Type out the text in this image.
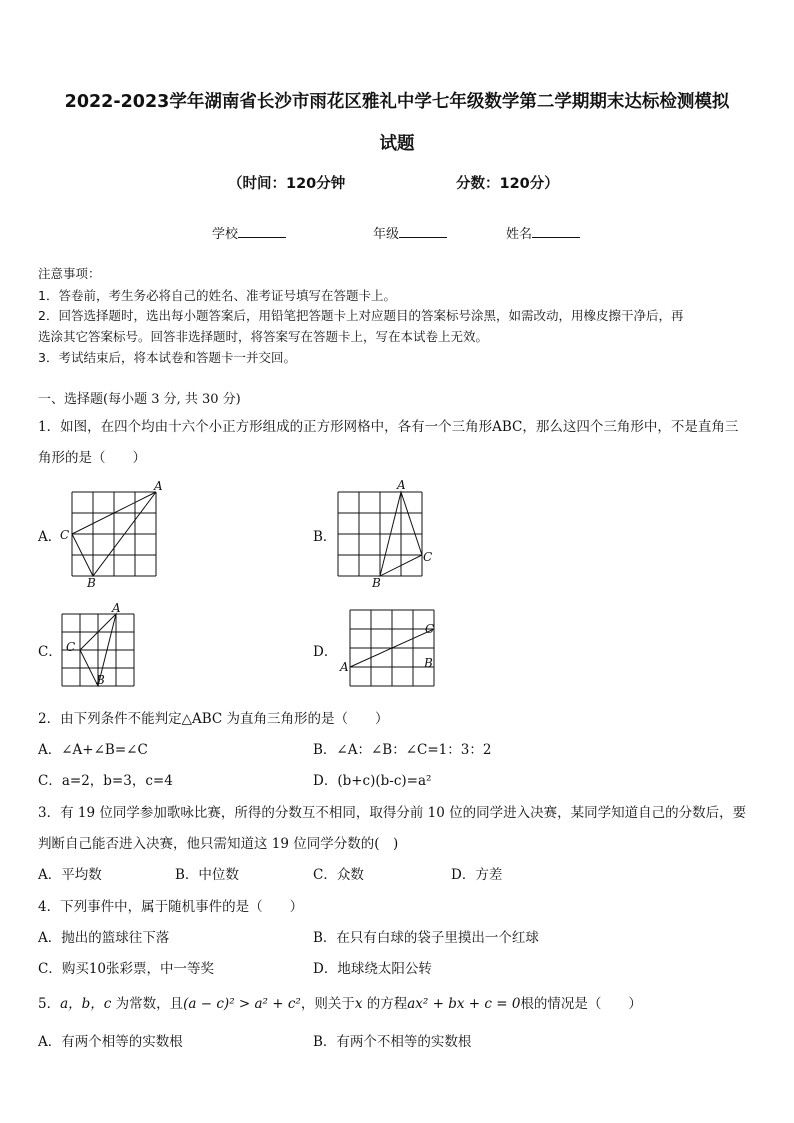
2022-2023学年湖南省长沙市雨花区雅礼中学七年级数学第二学期期末达标检测模拟
试题
（时间：120分钟	分数：120分）
学校	年级	姓名
注意事项：
1．答卷前，考生务必将自己的姓名、准考证号填写在答题卡上。
2．回答选择题时，选出每小题答案后，用铅笔把答题卡上对应题目的答案标号涂黑，如需改动，用橡皮擦干净后，再
选涂其它答案标号。回答非选择题时，将答案写在答题卡上，写在本试卷上无效。
3．考试结束后，将本试卷和答题卡一并交回。
一、选择题(每小题 3 分, 共 30 分)
1．如图，在四个均由十六个小正方形组成的正方形网格中，各有一个三角形ABC，那么这四个三角形中，不是直角三
角形的是（　　）
A．	B．
C．	D．
A
B
C
A
B
C
A
B
C
A	B
C
2．由下列条件不能判定△ABC 为直角三角形的是（　　）
A．∠A+∠B=∠C	B．∠A：∠B：∠C=1：3：2
C．a=2，b=3，c=4	D．(b+c)(b-c)=a²
3．有 19 位同学参加歌咏比赛，所得的分数互不相同，取得分前 10 位的同学进入决赛，某同学知道自己的分数后，要
判断自己能否进入决赛，他只需知道这 19 位同学分数的(　)
A．平均数	B．中位数	C．众数	D．方差
4．下列事件中，属于随机事件的是（　　）
A．抛出的篮球往下落	B．在只有白球的袋子里摸出一个红球
C．购买10张彩票，中一等奖	D．地球绕太阳公转
5．a，b，c 为常数，且(a − c)² > a² + c²，则关于x 的方程ax² + bx + c = 0根的情况是（　　）
A．有两个相等的实数根	B．有两个不相等的实数根
